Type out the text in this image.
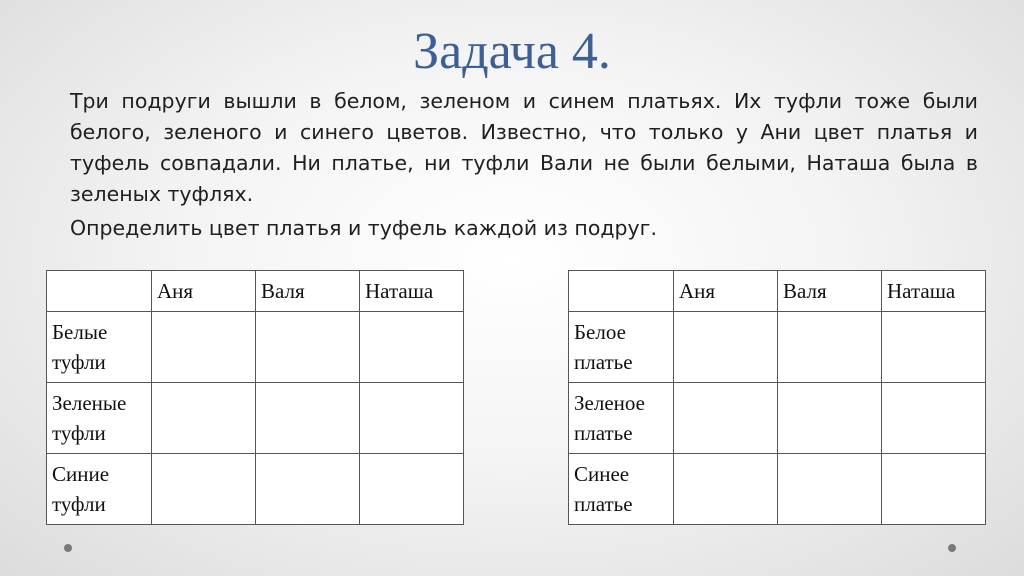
Задача 4.

Три подруги вышли в белом, зеленом и синем платьях. Их туфли тоже были белого, зеленого и синего цветов. Известно, что только у Ани цвет платья и туфель совпадали. Ни платье, ни туфли Вали не были белыми, Наташа была в зеленых туфлях.

Определить цвет платья и туфель каждой из подруг.

	Аня	Валя	Наташа
Белые туфли			
Зеленые туфли			
Синие туфли			
	Аня	Валя	Наташа
Белое платье			
Зеленое платье			
Синее платье			
